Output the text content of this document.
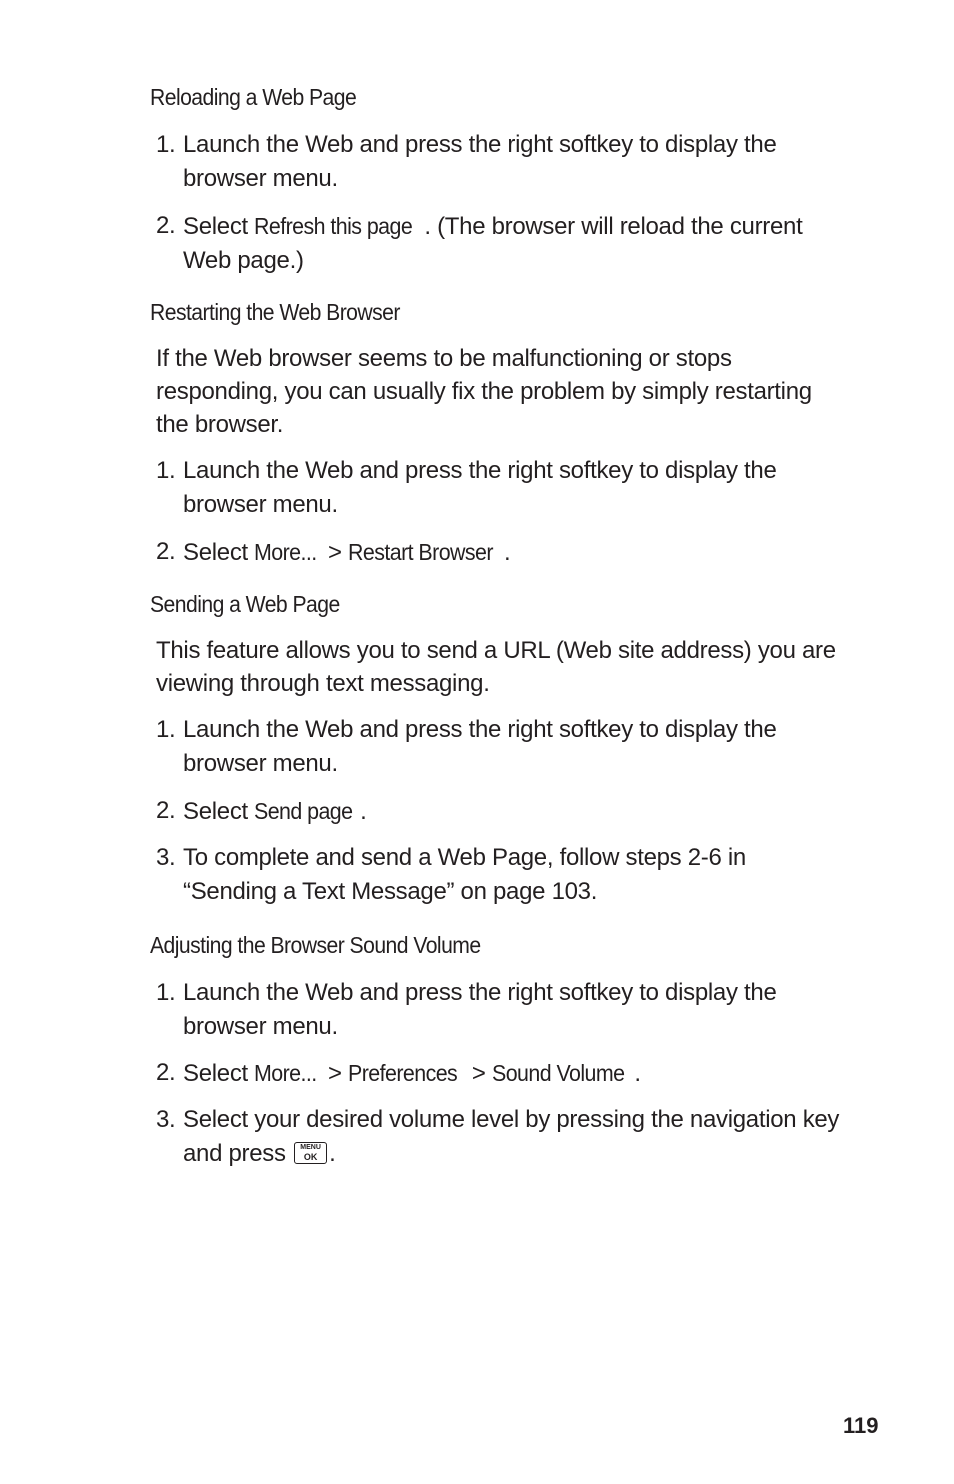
Reloading a Web Page
1. Launch the Web and press the right softkey to display the browser menu.
2. Select Refresh this page . (The browser will reload the current Web page.)
Restarting the Web Browser
If the Web browser seems to be malfunctioning or stops responding, you can usually fix the problem by simply restarting the browser.
1. Launch the Web and press the right softkey to display the browser menu.
2. Select More... > Restart Browser .
Sending a Web Page
This feature allows you to send a URL (Web site address) you are viewing through text messaging.
1. Launch the Web and press the right softkey to display the browser menu.
2. Select Send page .
3. To complete and send a Web Page, follow steps 2-6 in “Sending a Text Message” on page 103.
Adjusting the Browser Sound Volume
1. Launch the Web and press the right softkey to display the browser menu.
2. Select More... > Preferences > Sound Volume .
3. Select your desired volume level by pressing the navigation key and press	MENU
OK .
119
